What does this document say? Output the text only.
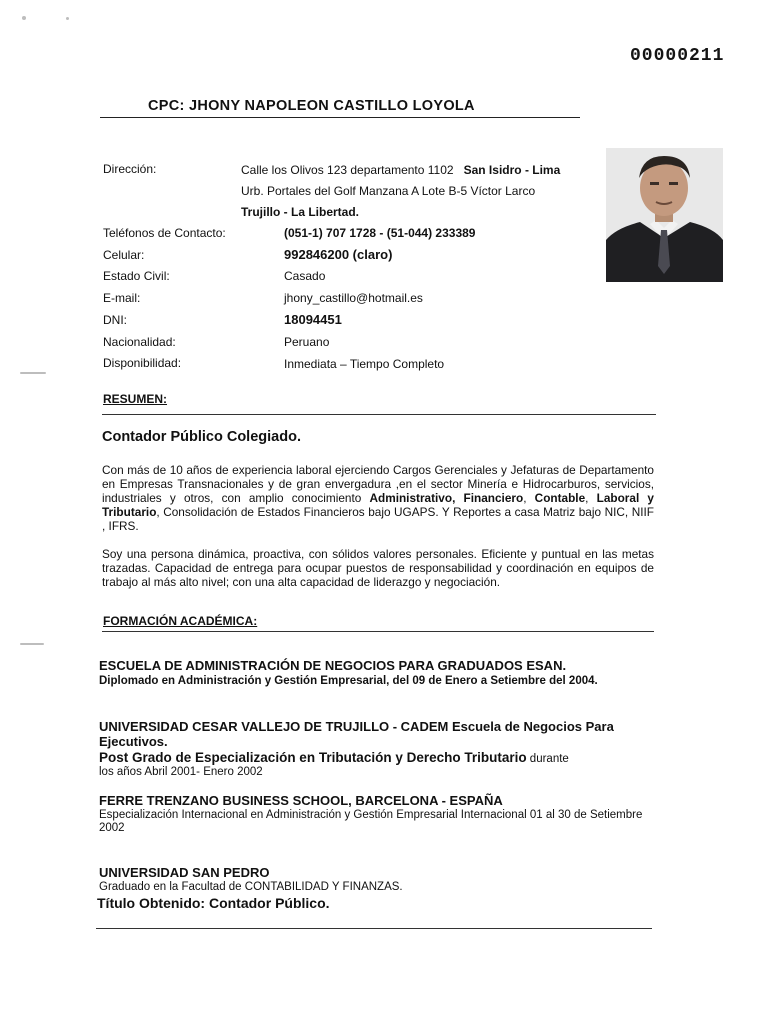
00000211
CPC: JHONY NAPOLEON CASTILLO LOYOLA
Dirección:	Calle los Olivos 123 departamento 1102 San Isidro - Lima
Urb. Portales del Golf Manzana A Lote B-5 Víctor Larco
Trujillo - La Libertad.
Teléfonos de Contacto:	(051-1) 707 1728 - (51-044) 233389
Celular:	992846200 (claro)
Estado Civil:	Casado
E-mail:	jhony_castillo@hotmail.es
DNI:	18094451
Nacionalidad:	Peruano
Disponibilidad:	Inmediata – Tiempo Completo
RESUMEN:
Contador Público Colegiado.
Con más de 10 años de experiencia laboral ejerciendo Cargos Gerenciales y Jefaturas de Departamento en Empresas Transnacionales y de gran envergadura ,en el sector Minería e Hidrocarburos, servicios, industriales y otros, con amplio conocimiento Administrativo, Financiero, Contable, Laboral y Tributario, Consolidación de Estados Financieros bajo UGAPS. Y Reportes a casa Matriz bajo NIC, NIIF , IFRS.
Soy una persona dinámica, proactiva, con sólidos valores personales. Eficiente y puntual en las metas trazadas. Capacidad de entrega para ocupar puestos de responsabilidad y coordinación en equipos de trabajo al más alto nivel; con una alta capacidad de liderazgo y negociación.
FORMACIÓN ACADÉMICA:
ESCUELA DE ADMINISTRACIÓN DE NEGOCIOS PARA GRADUADOS ESAN.
Diplomado en Administración y Gestión Empresarial, del 09 de Enero a Setiembre del 2004.
UNIVERSIDAD CESAR VALLEJO DE TRUJILLO - CADEM Escuela de Negocios Para Ejecutivos.
Post Grado de Especialización en Tributación y Derecho Tributario durante
los años Abril 2001- Enero 2002
FERRE TRENZANO BUSINESS SCHOOL, BARCELONA - ESPAÑA
Especialización Internacional en Administración y Gestión Empresarial Internacional 01 al 30 de Setiembre 2002
UNIVERSIDAD SAN PEDRO
Graduado en la Facultad de CONTABILIDAD Y FINANZAS.
Título Obtenido: Contador Público.
